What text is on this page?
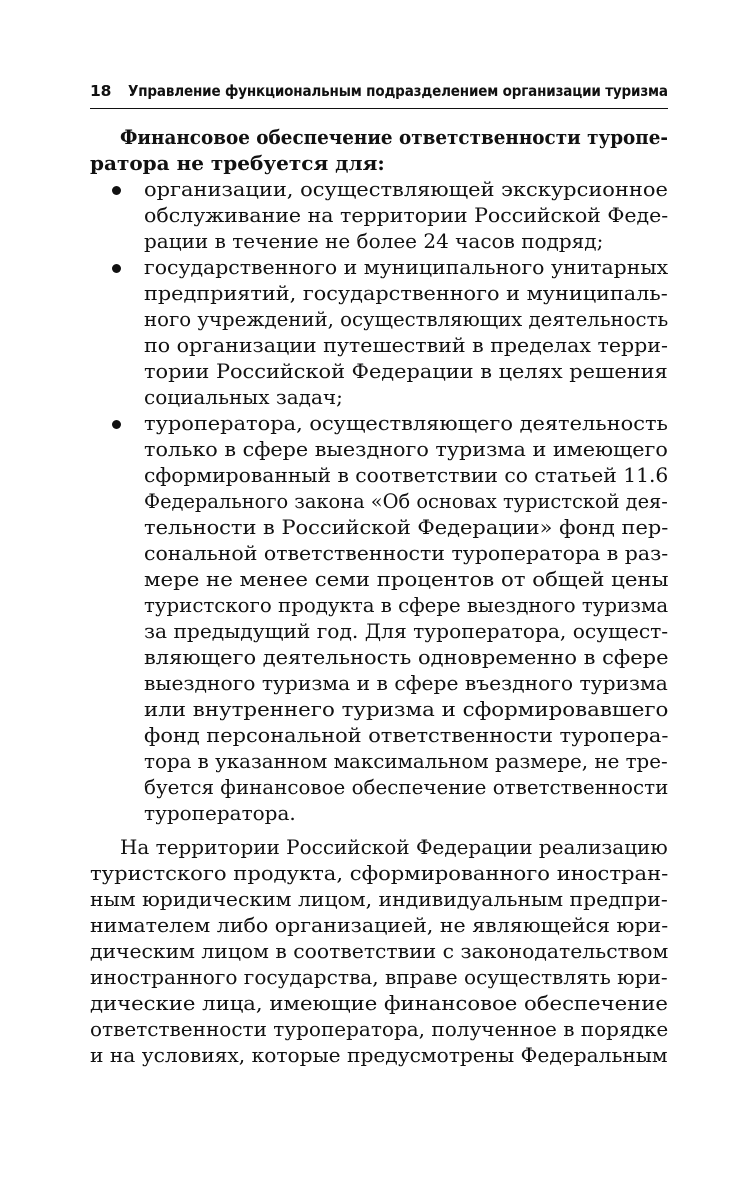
18 Управление функциональным подразделением организации туризма
Финансовое обеспечение ответственности туропе-
ратора не требуется для:
организации, осуществляющей экскурсионное
обслуживание на территории Российской Феде-
рации в течение не более 24 часов подряд;
государственного и муниципального унитарных
предприятий, государственного и муниципаль-
ного учреждений, осуществляющих деятельность
по организации путешествий в пределах терри-
тории Российской Федерации в целях решения
социальных задач;
туроператора, осуществляющего деятельность
только в сфере выездного туризма и имеющего
сформированный в соответствии со статьей 11.6
Федерального закона «Об основах туристской дея-
тельности в Российской Федерации» фонд пер-
сональной ответственности туроператора в раз-
мере не менее семи процентов от общей цены
туристского продукта в сфере выездного туризма
за предыдущий год. Для туроператора, осущест-
вляющего деятельность одновременно в сфере
выездного туризма и в сфере въездного туризма
или внутреннего туризма и сформировавшего
фонд персональной ответственности туропера-
тора в указанном максимальном размере, не тре-
буется финансовое обеспечение ответственности
туроператора.
На территории Российской Федерации реализацию
туристского продукта, сформированного иностран-
ным юридическим лицом, индивидуальным предпри-
нимателем либо организацией, не являющейся юри-
дическим лицом в соответствии с законодательством
иностранного государства, вправе осуществлять юри-
дические лица, имеющие финансовое обеспечение
ответственности туроператора, полученное в порядке
и на условиях, которые предусмотрены Федеральным
